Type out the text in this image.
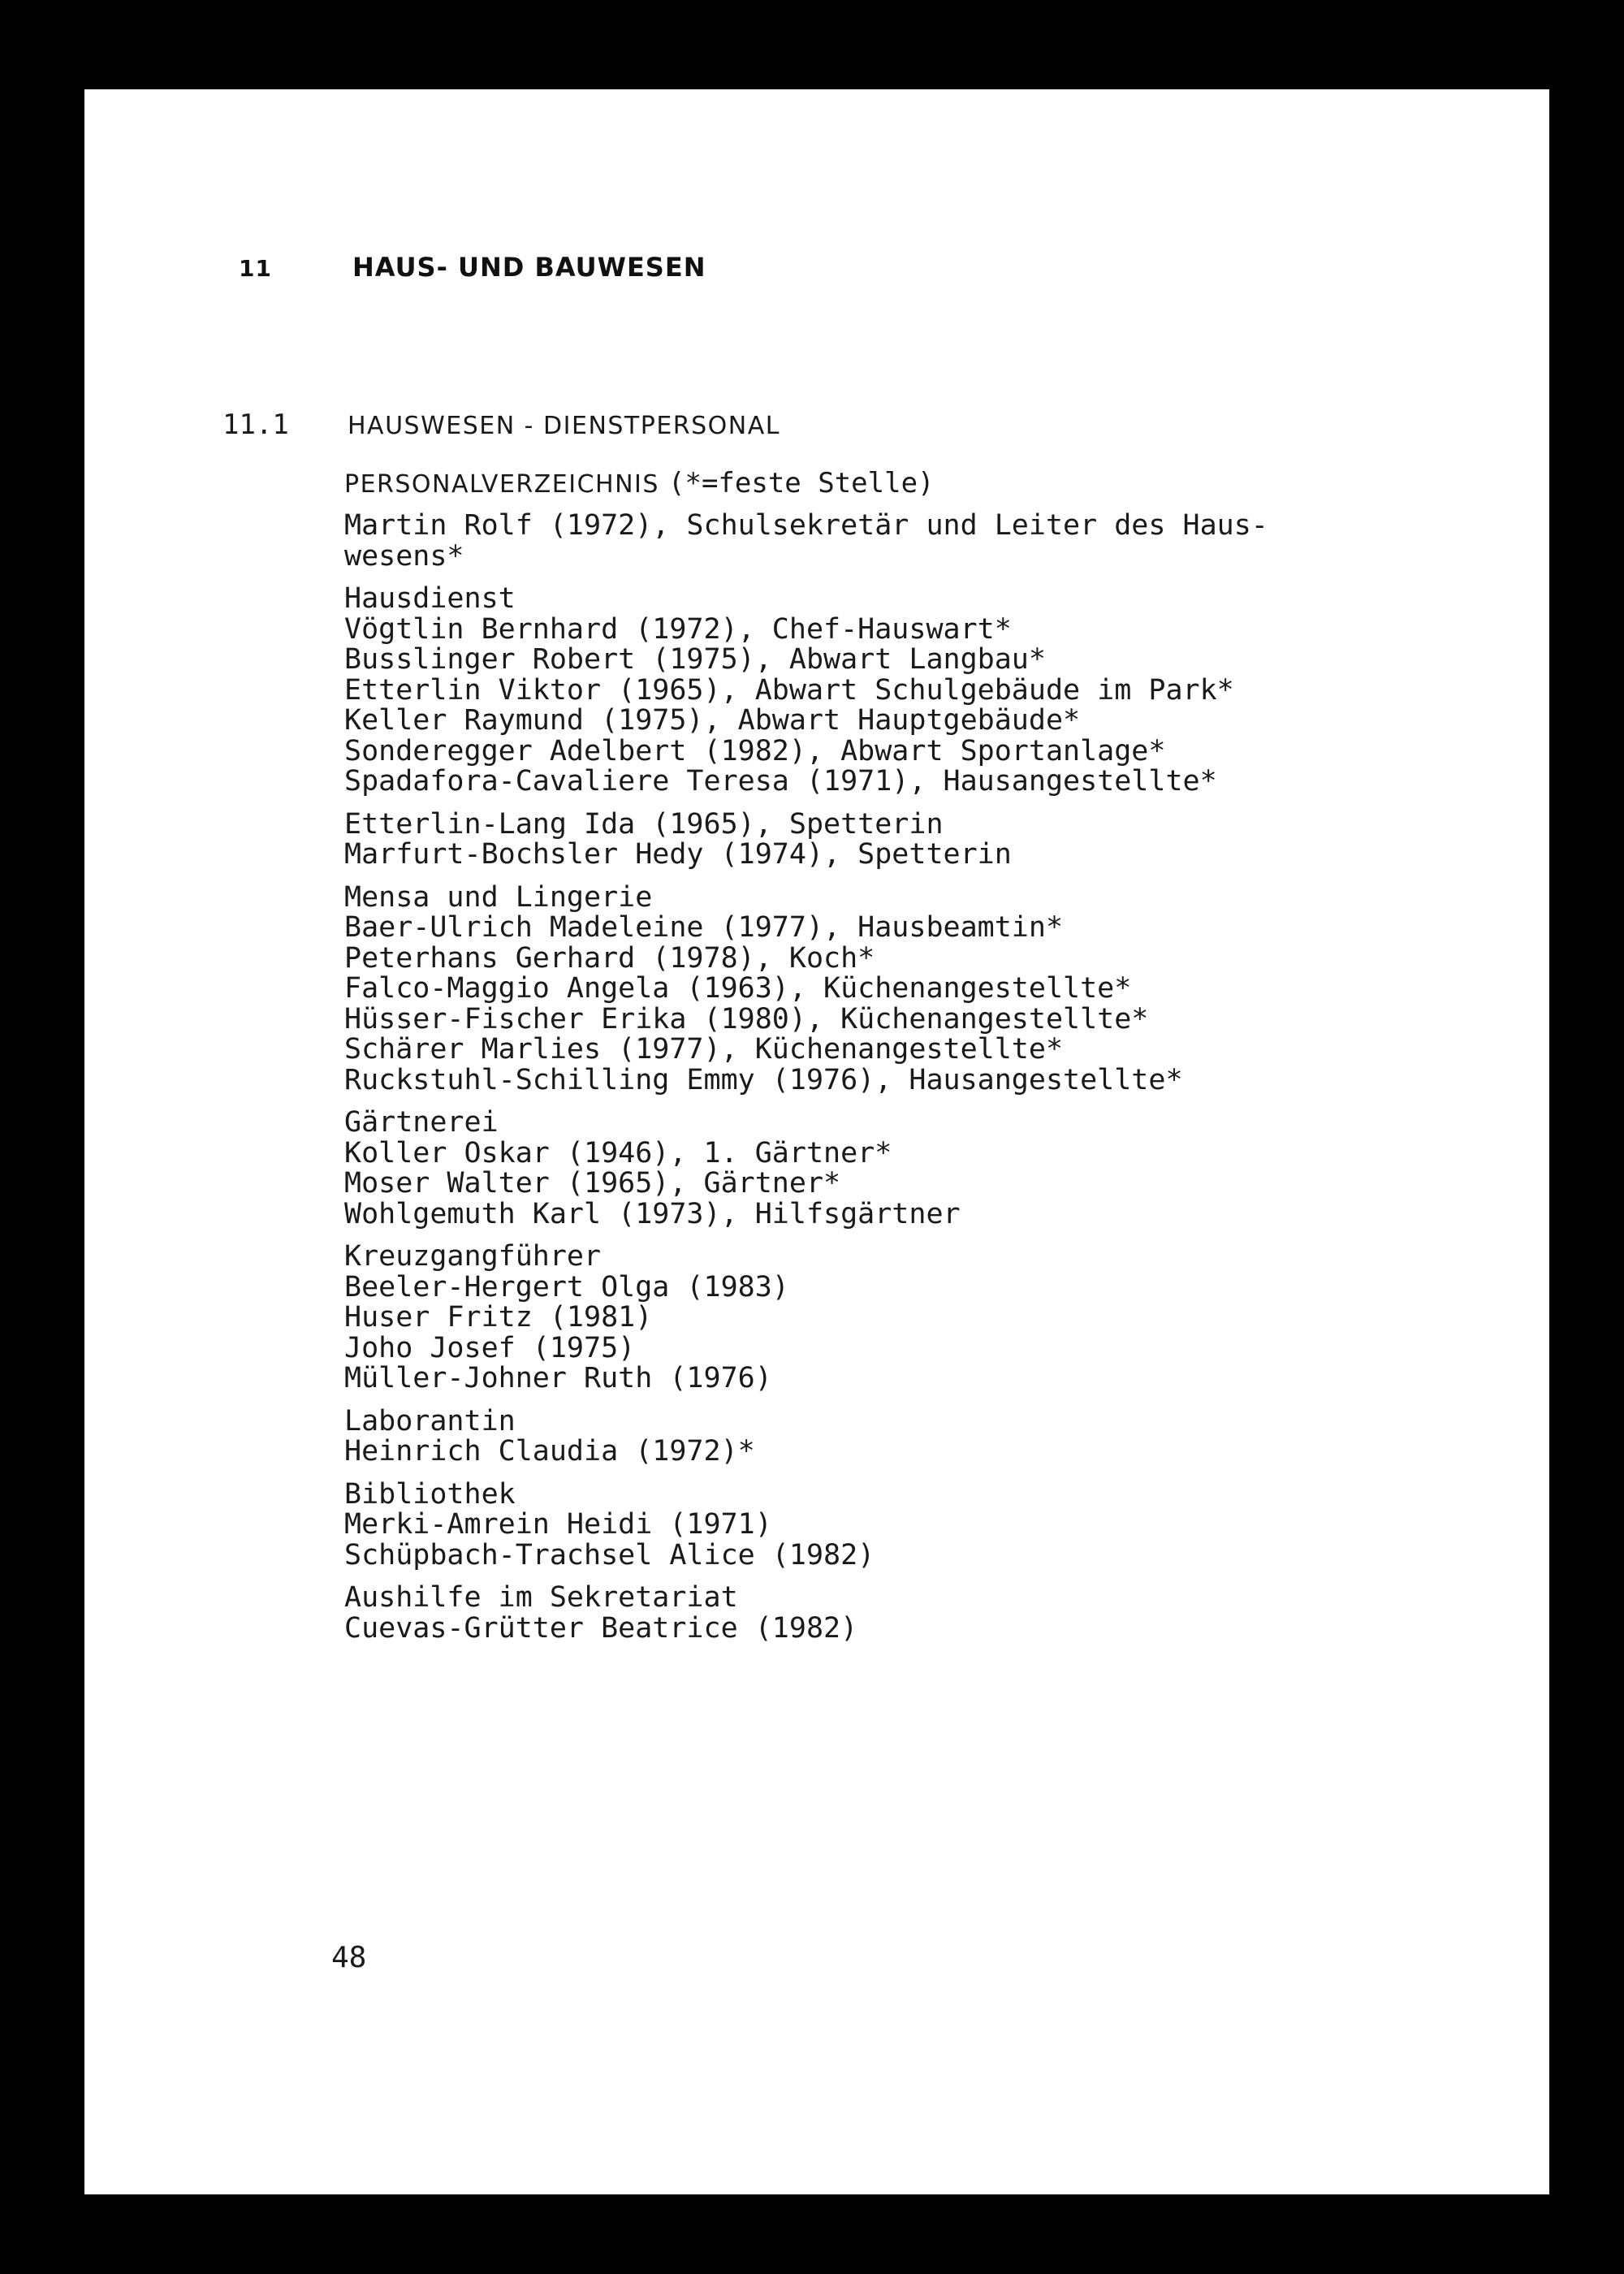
11	HAUS- UND BAUWESEN
11.1 HAUSWESEN - DIENSTPERSONAL
PERSONALVERZEICHNIS (*=feste Stelle)
Martin Rolf (1972), Schulsekretär und Leiter des Haus-
wesens*
Hausdienst
Vögtlin Bernhard (1972), Chef-Hauswart*
Busslinger Robert (1975), Abwart Langbau*
Etterlin Viktor (1965), Abwart Schulgebäude im Park*
Keller Raymund (1975), Abwart Hauptgebäude*
Sonderegger Adelbert (1982), Abwart Sportanlage*
Spadafora-Cavaliere Teresa (1971), Hausangestellte*
Etterlin-Lang Ida (1965), Spetterin
Marfurt-Bochsler Hedy (1974), Spetterin
Mensa und Lingerie
Baer-Ulrich Madeleine (1977), Hausbeamtin*
Peterhans Gerhard (1978), Koch*
Falco-Maggio Angela (1963), Küchenangestellte*
Hüsser-Fischer Erika (1980), Küchenangestellte*
Schärer Marlies (1977), Küchenangestellte*
Ruckstuhl-Schilling Emmy (1976), Hausangestellte*
Gärtnerei
Koller Oskar (1946), 1. Gärtner*
Moser Walter (1965), Gärtner*
Wohlgemuth Karl (1973), Hilfsgärtner
Kreuzgangführer
Beeler-Hergert Olga (1983)
Huser Fritz (1981)
Joho Josef (1975)
Müller-Johner Ruth (1976)
Laborantin
Heinrich Claudia (1972)*
Bibliothek
Merki-Amrein Heidi (1971)
Schüpbach-Trachsel Alice (1982)
Aushilfe im Sekretariat
Cuevas-Grütter Beatrice (1982)
48
